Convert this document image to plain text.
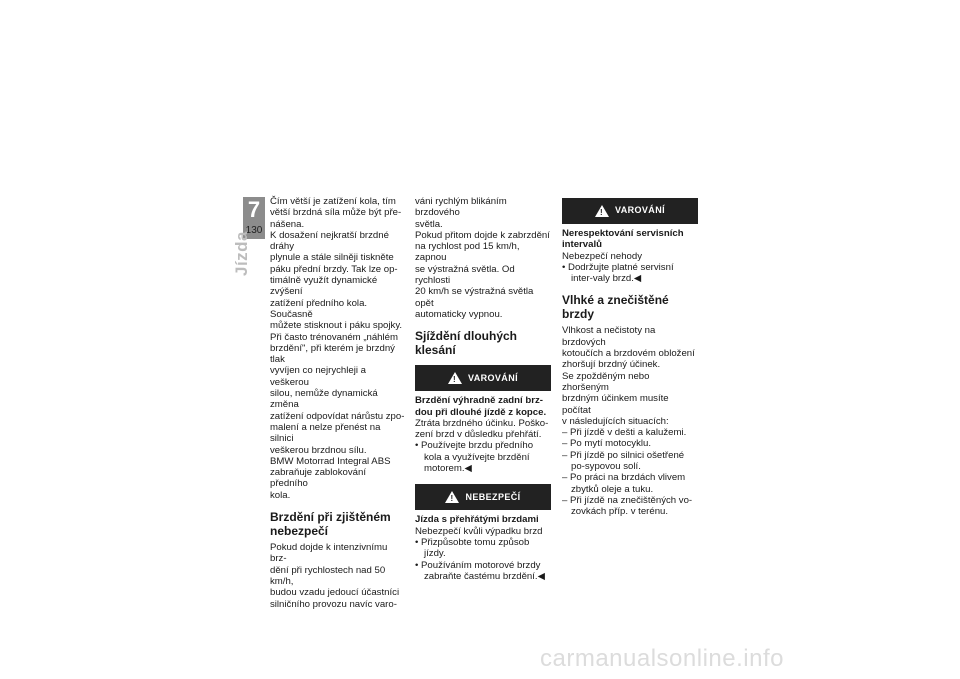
7
130
Jízda

Čím větší je zatížení kola, tím

větší brzdná síla může být pře-

nášena.

K dosažení nejkratší brzdné dráhy

plynule a stále silněji tiskněte

páku přední brzdy. Tak lze op-

timálně využít dynamické zvýšení

zatížení předního kola. Současně

můžete stisknout i páku spojky.

Při často trénovaném „náhlém

brzdění", při kterém je brzdný tlak

vyvíjen co nejrychleji a veškerou

silou, nemůže dynamická změna

zatížení odpovídat nárůstu zpo-

malení a nelze přenést na silnici

veškerou brzdnou sílu.

BMW Motorrad Integral ABS

zabraňuje zablokování předního

kola.

Brzdění při zjištěném nebezpečí

Pokud dojde k intenzivnímu brz-

dění při rychlostech nad 50 km/h,

budou vzadu jedoucí účastníci

silničního provozu navíc varo-

váni rychlým blikáním brzdového

světla.

Pokud přitom dojde k zabrzdění

na rychlost pod 15 km/h, zapnou

se výstražná světla. Od rychlosti

20 km/h se výstražná světla opět

automaticky vypnou.

Sjíždění dlouhých klesání
!
VAROVÁNÍ

Brzdění výhradně zadní brz-dou při dlouhé jízdě z kopce.

Ztráta brzdného účinku. Poško-zení brzd v důsledku přehřátí.

• Používejte brzdu předního kola a využívejte brzdění motorem.◀

!
NEBEZPEČÍ

Jízda s přehřátými brzdami

Nebezpečí kvůli výpadku brzd

• Přizpůsobte tomu způsob jízdy.

• Používáním motorové brzdy zabraňte častému brzdění.◀

!
VAROVÁNÍ

Nerespektování servisních intervalů

Nebezpečí nehody

• Dodržujte platné servisní inter-valy brzd.◀

Vlhké a znečištěné brzdy

Vlhkost a nečistoty na brzdových

kotoučích a brzdovém obložení

zhoršují brzdný účinek.

Se zpožděným nebo zhoršeným

brzdným účinkem musíte počítat

v následujících situacích:

– Při jízdě v dešti a kalužemi.

– Po mytí motocyklu.

– Při jízdě po silnici ošetřené po-sypovou solí.

– Po práci na brzdách vlivem zbytků oleje a tuku.

– Při jízdě na znečištěných vo-zovkách příp. v terénu.

carmanualsonline.info
